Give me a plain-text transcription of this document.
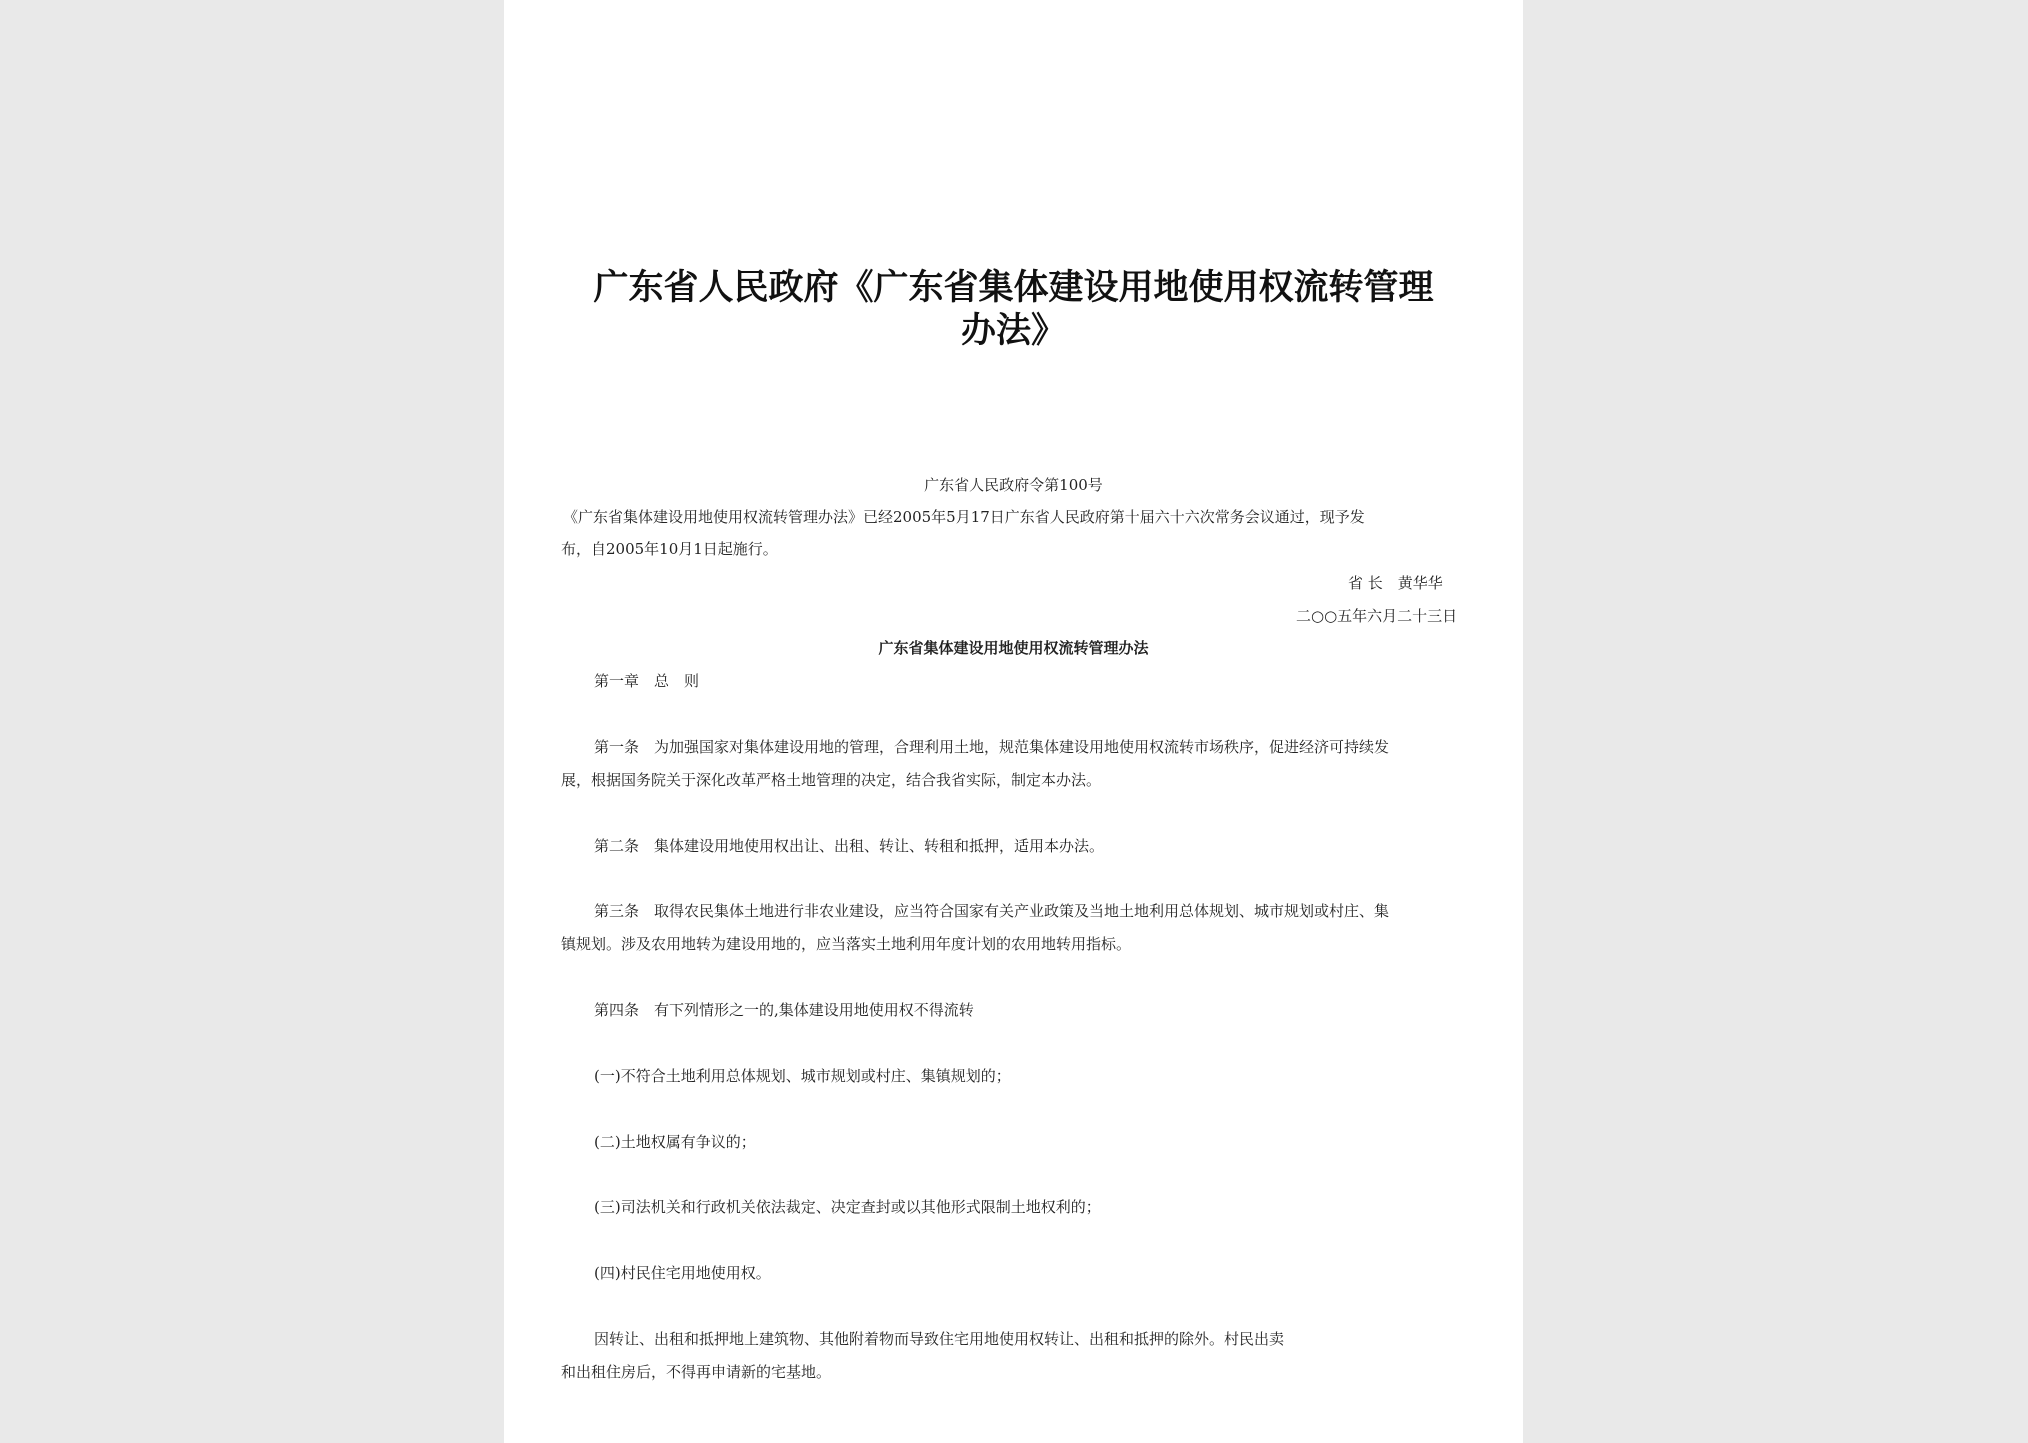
广东省人民政府《广东省集体建设用地使用权流转管理
办法》
广东省人民政府令第100号
《广东省集体建设用地使用权流转管理办法》已经2005年5月17日广东省人民政府第十届六十六次常务会议通过，现予发
布，自2005年10月1日起施行。
省 长　黄华华
二○○五年六月二十三日
广东省集体建设用地使用权流转管理办法
第一章　总　则
第一条　为加强国家对集体建设用地的管理，合理利用土地，规范集体建设用地使用权流转市场秩序，促进经济可持续发
展，根据国务院关于深化改革严格土地管理的决定，结合我省实际，制定本办法。
第二条　集体建设用地使用权出让、出租、转让、转租和抵押，适用本办法。
第三条　取得农民集体土地进行非农业建设，应当符合国家有关产业政策及当地土地利用总体规划、城市规划或村庄、集
镇规划。涉及农用地转为建设用地的，应当落实土地利用年度计划的农用地转用指标。
第四条　有下列情形之一的,集体建设用地使用权不得流转
(一)不符合土地利用总体规划、城市规划或村庄、集镇规划的；
(二)土地权属有争议的；
(三)司法机关和行政机关依法裁定、决定查封或以其他形式限制土地权利的；
(四)村民住宅用地使用权。
因转让、出租和抵押地上建筑物、其他附着物而导致住宅用地使用权转让、出租和抵押的除外。村民出卖
和出租住房后，不得再申请新的宅基地。
